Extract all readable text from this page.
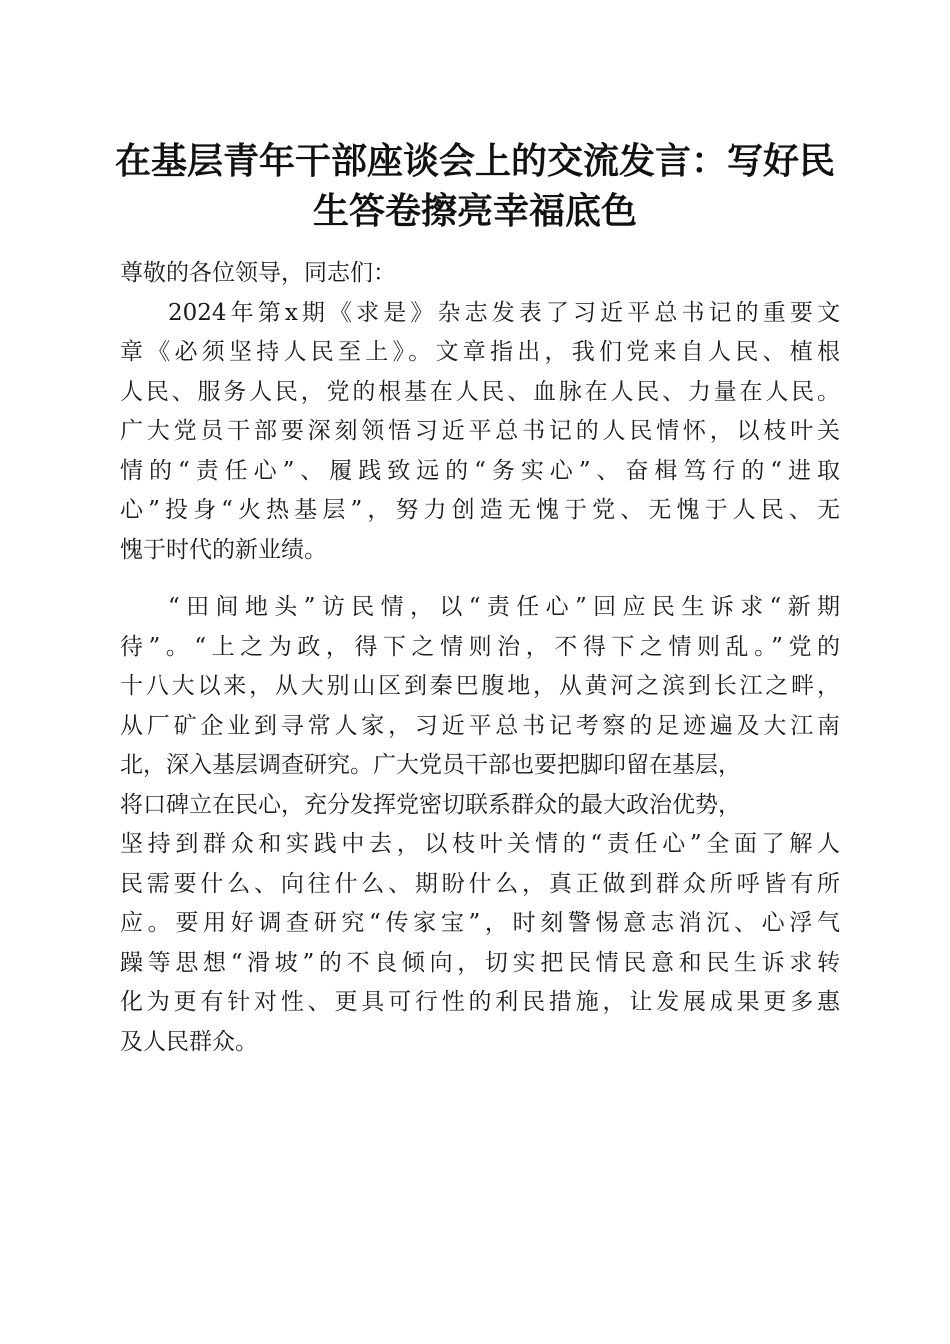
在基层青年干部座谈会上的交流发言：写好民
生答卷擦亮幸福底色
尊敬的各位领导，同志们：
2024年第x期《求是》杂志发表了习近平总书记的重要文
章《必须坚持人民至上》。文章指出，我们党来自人民、植根
人民、服务人民，党的根基在人民、血脉在人民、力量在人民。
广大党员干部要深刻领悟习近平总书记的人民情怀，以枝叶关
情的“责任心”、履践致远的“务实心”、奋楫笃行的“进取
心”投身“火热基层”，努力创造无愧于党、无愧于人民、无
愧于时代的新业绩。
“田间地头”访民情，以“责任心”回应民生诉求“新期
待”。“上之为政，得下之情则治，不得下之情则乱。”党的
十八大以来，从大别山区到秦巴腹地，从黄河之滨到长江之畔，
从厂矿企业到寻常人家，习近平总书记考察的足迹遍及大江南
北，深入基层调查研究。广大党员干部也要把脚印留在基层，
将口碑立在民心，充分发挥党密切联系群众的最大政治优势，
坚持到群众和实践中去，以枝叶关情的“责任心”全面了解人
民需要什么、向往什么、期盼什么，真正做到群众所呼皆有所
应。要用好调查研究“传家宝”，时刻警惕意志消沉、心浮气
躁等思想“滑坡”的不良倾向，切实把民情民意和民生诉求转
化为更有针对性、更具可行性的利民措施，让发展成果更多惠
及人民群众。
